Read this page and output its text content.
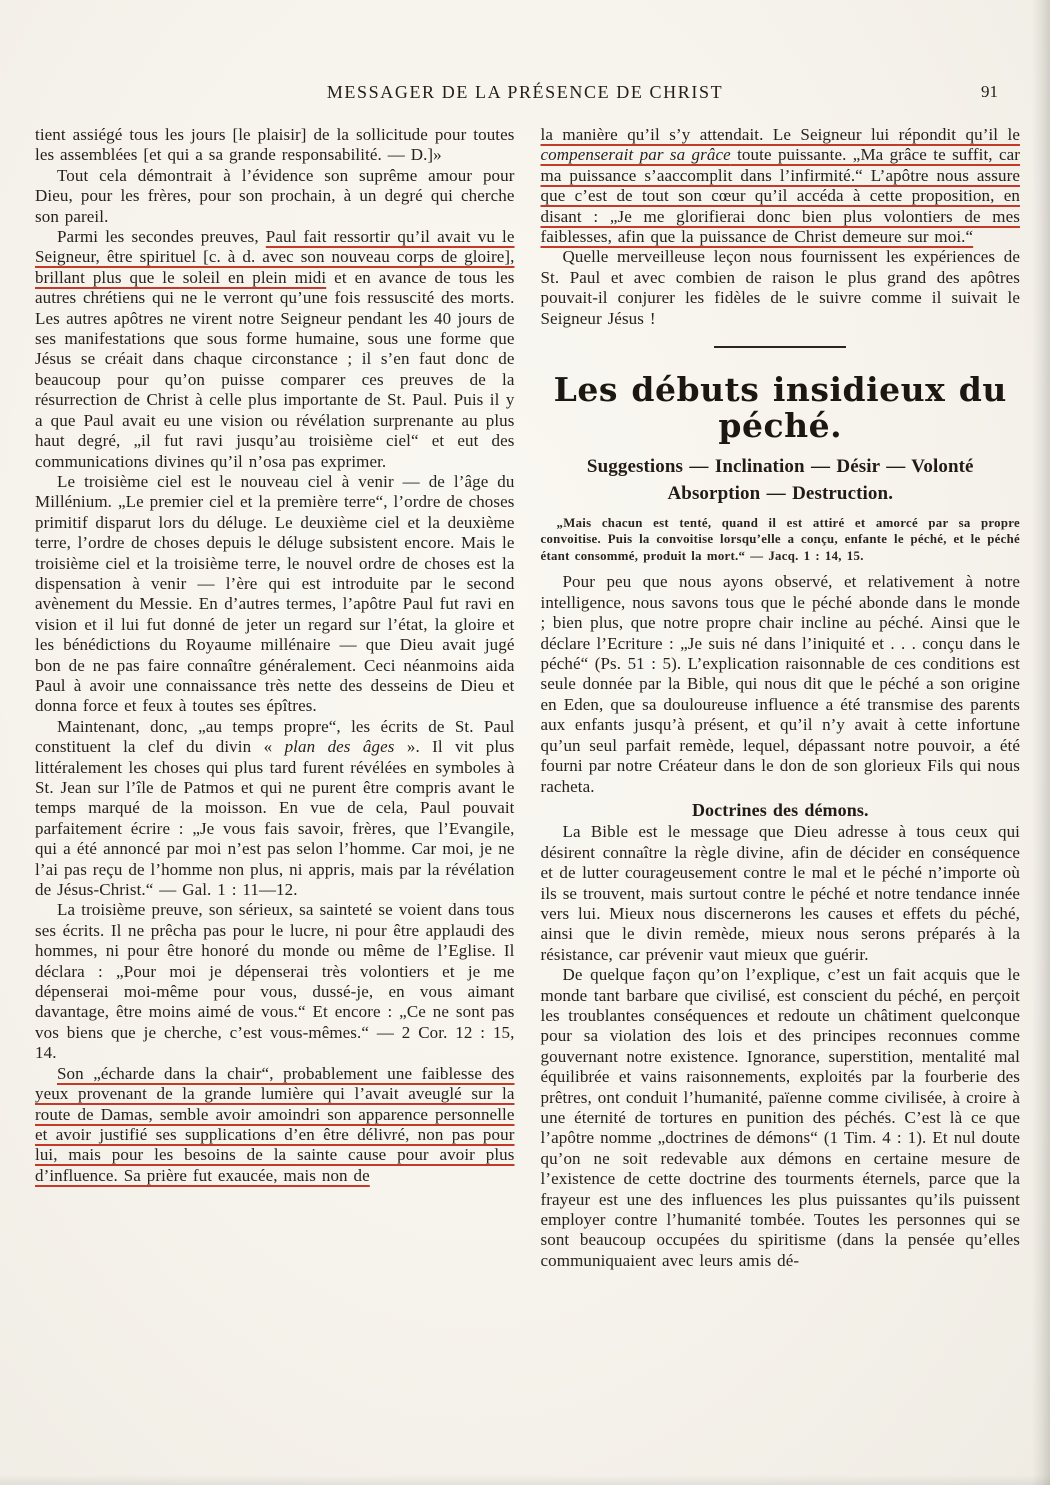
MESSAGER DE LA PRÉSENCE DE CHRIST	91

tient assiégé tous les jours [le plaisir] de la sollicitude pour toutes les assemblées [et qui a sa grande responsabilité. — D.]»

Tout cela démontrait à l’évidence son suprême amour pour Dieu, pour les frères, pour son prochain, à un degré qui cherche son pareil.

Parmi les secondes preuves, Paul fait ressortir qu’il avait vu le Seigneur, être spirituel [c. à d. avec son nouveau corps de gloire], brillant plus que le soleil en plein midi et en avance de tous les autres chrétiens qui ne le verront qu’une fois ressuscité des morts. Les autres apôtres ne virent notre Seigneur pendant les 40 jours de ses manifestations que sous forme humaine, sous une forme que Jésus se créait dans chaque circonstance ; il s’en faut donc de beaucoup pour qu’on puisse comparer ces preuves de la résurrection de Christ à celle plus importante de St. Paul. Puis il y a que Paul avait eu une vision ou révélation surprenante au plus haut degré, „il fut ravi jusqu’au troisième ciel“ et eut des communications divines qu’il n’osa pas exprimer.

Le troisième ciel est le nouveau ciel à venir — de l’âge du Millénium. „Le premier ciel et la première terre“, l’ordre de choses primitif disparut lors du déluge. Le deuxième ciel et la deuxième terre, l’ordre de choses depuis le déluge subsistent encore. Mais le troisième ciel et la troisième terre, le nouvel ordre de choses est la dispensation à venir — l’ère qui est introduite par le second avènement du Messie. En d’autres termes, l’apôtre Paul fut ravi en vision et il lui fut donné de jeter un regard sur l’état, la gloire et les bénédictions du Royaume millénaire — que Dieu avait jugé bon de ne pas faire connaître généralement. Ceci néanmoins aida Paul à avoir une connaissance très nette des desseins de Dieu et donna force et feux à toutes ses épîtres.

Maintenant, donc, „au temps propre“, les écrits de St. Paul constituent la clef du divin « plan des âges ». Il vit plus littéralement les choses qui plus tard furent révélées en symboles à St. Jean sur l’île de Patmos et qui ne purent être compris avant le temps marqué de la moisson. En vue de cela, Paul pouvait parfaitement écrire : „Je vous fais savoir, frères, que l’Evangile, qui a été annoncé par moi n’est pas selon l’homme. Car moi, je ne l’ai pas reçu de l’homme non plus, ni appris, mais par la révélation de Jésus-Christ.“ — Gal. 1 : 11—12.

La troisième preuve, son sérieux, sa sainteté se voient dans tous ses écrits. Il ne prêcha pas pour le lucre, ni pour être applaudi des hommes, ni pour être honoré du monde ou même de l’Eglise. Il déclara : „Pour moi je dépenserai très volontiers et je me dépenserai moi-même pour vous, dussé-je, en vous aimant davantage, être moins aimé de vous.“ Et encore : „Ce ne sont pas vos biens que je cherche, c’est vous-mêmes.“ — 2 Cor. 12 : 15, 14.

Son „écharde dans la chair“, probablement une faiblesse des yeux provenant de la grande lumière qui l’avait aveuglé sur la route de Damas, semble avoir amoindri son apparence personnelle et avoir justifié ses supplications d’en être délivré, non pas pour lui, mais pour les besoins de la sainte cause pour avoir plus d’influence. Sa prière fut exaucée, mais non de

la manière qu’il s’y attendait. Le Seigneur lui répondit qu’il le compenserait par sa grâce toute puissante. „Ma grâce te suffit, car ma puissance s’aaccomplit dans l’infirmité.“ L’apôtre nous assure que c’est de tout son cœur qu’il accéda à cette proposition, en disant : „Je me glorifierai donc bien plus volontiers de mes faiblesses, afin que la puissance de Christ demeure sur moi.“

Quelle merveilleuse leçon nous fournissent les expériences de St. Paul et avec combien de raison le plus grand des apôtres pouvait-il conjurer les fidèles de le suivre comme il suivait le Seigneur Jésus !

Les débuts insidieux du péché.
Suggestions — Inclination — Désir — Volonté
Absorption — Destruction.

„Mais chacun est tenté, quand il est attiré et amorcé par sa propre convoitise. Puis la convoitise lorsqu’elle a conçu, enfante le péché, et le péché étant consommé, produit la mort.“ — Jacq. 1 : 14, 15.

Pour peu que nous ayons observé, et relativement à notre intelligence, nous savons tous que le péché abonde dans le monde ; bien plus, que notre propre chair incline au péché. Ainsi que le déclare l’Ecriture : „Je suis né dans l’iniquité et . . . conçu dans le péché“ (Ps. 51 : 5). L’explication raisonnable de ces conditions est seule donnée par la Bible, qui nous dit que le péché a son origine en Eden, que sa douloureuse influence a été transmise des parents aux enfants jusqu’à présent, et qu’il n’y avait à cette infortune qu’un seul parfait remède, lequel, dépassant notre pouvoir, a été fourni par notre Créateur dans le don de son glorieux Fils qui nous racheta.

Doctrines des démons.

La Bible est le message que Dieu adresse à tous ceux qui désirent connaître la règle divine, afin de décider en conséquence et de lutter courageusement contre le mal et le péché n’importe où ils se trouvent, mais surtout contre le péché et notre tendance innée vers lui. Mieux nous discernerons les causes et effets du péché, ainsi que le divin remède, mieux nous serons préparés à la résistance, car prévenir vaut mieux que guérir.

De quelque façon qu’on l’explique, c’est un fait acquis que le monde tant barbare que civilisé, est conscient du péché, en perçoit les troublantes conséquences et redoute un châtiment quelconque pour sa violation des lois et des principes reconnues comme gouvernant notre existence. Ignorance, superstition, mentalité mal équilibrée et vains raisonnements, exploités par la fourberie des prêtres, ont conduit l’humanité, païenne comme civilisée, à croire à une éternité de tortures en punition des péchés. C’est là ce que l’apôtre nomme „doctrines de démons“ (1 Tim. 4 : 1). Et nul doute qu’on ne soit redevable aux démons en certaine mesure de l’existence de cette doctrine des tourments éternels, parce que la frayeur est une des influences les plus puissantes qu’ils puissent employer contre l’humanité tombée. Toutes les personnes qui se sont beaucoup occupées du spiritisme (dans la pensée qu’elles communiquaient avec leurs amis dé-
